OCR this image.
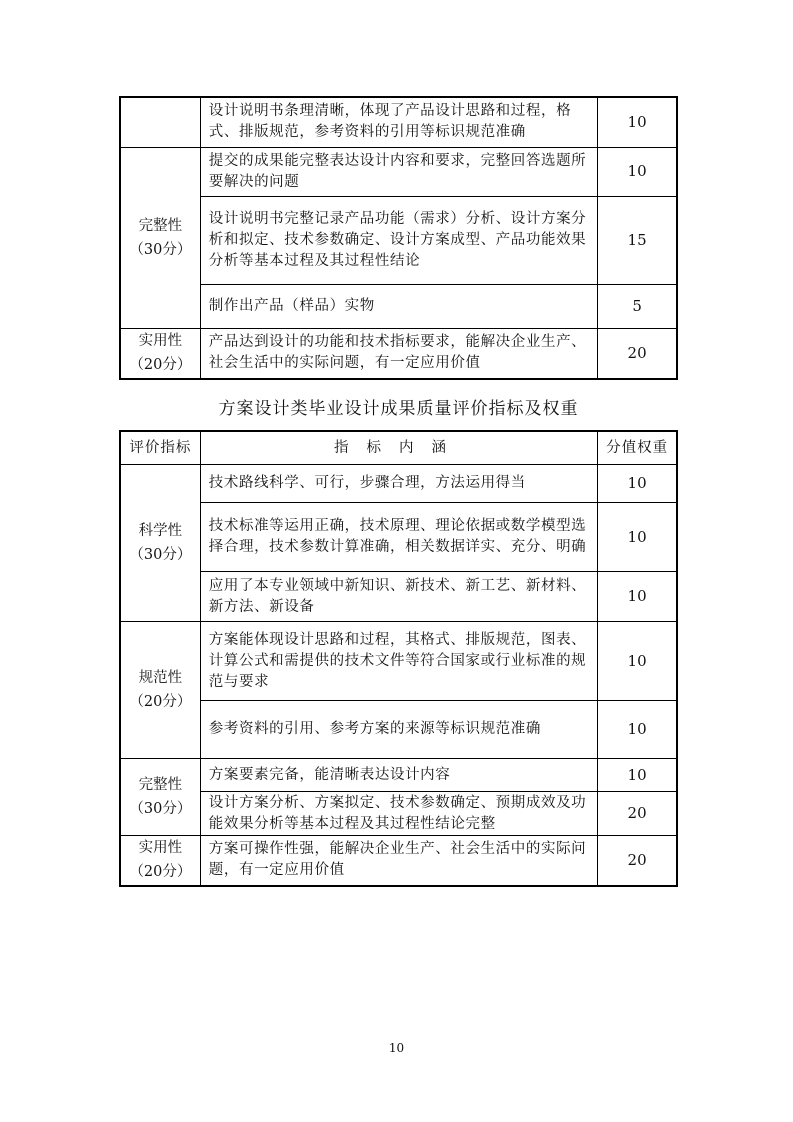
	设计说明书条理清晰，体现了产品设计思路和过程，格式、排版规范，参考资料的引用等标识规范准确	10

完整性
（30分）	提交的成果能完整表达设计内容和要求，完整回答选题所要解决的问题	10
	设计说明书完整记录产品功能（需求）分析、设计方案分析和拟定、技术参数确定、设计方案成型、产品功能效果分析等基本过程及其过程性结论	15
	制作出产品（样品）实物	5

实用性
（20分）	产品达到设计的功能和技术指标要求，能解决企业生产、社会生活中的实际问题，有一定应用价值	20
方案设计类毕业设计成果质量评价指标及权重
评价指标	指标内涵	分值权重

科学性
（30分）	技术路线科学、可行，步骤合理，方法运用得当	10
	技术标准等运用正确，技术原理、理论依据或数学模型选择合理，技术参数计算准确，相关数据详实、充分、明确	10
	应用了本专业领域中新知识、新技术、新工艺、新材料、新方法、新设备	10

规范性
（20分）	方案能体现设计思路和过程，其格式、排版规范，图表、计算公式和需提供的技术文件等符合国家或行业标准的规范与要求	10
	参考资料的引用、参考方案的来源等标识规范准确	10

完整性
（30分）	方案要素完备，能清晰表达设计内容	10
	设计方案分析、方案拟定、技术参数确定、预期成效及功能效果分析等基本过程及其过程性结论完整	20

实用性
（20分）	方案可操作性强，能解决企业生产、社会生活中的实际问题，有一定应用价值	20
10
